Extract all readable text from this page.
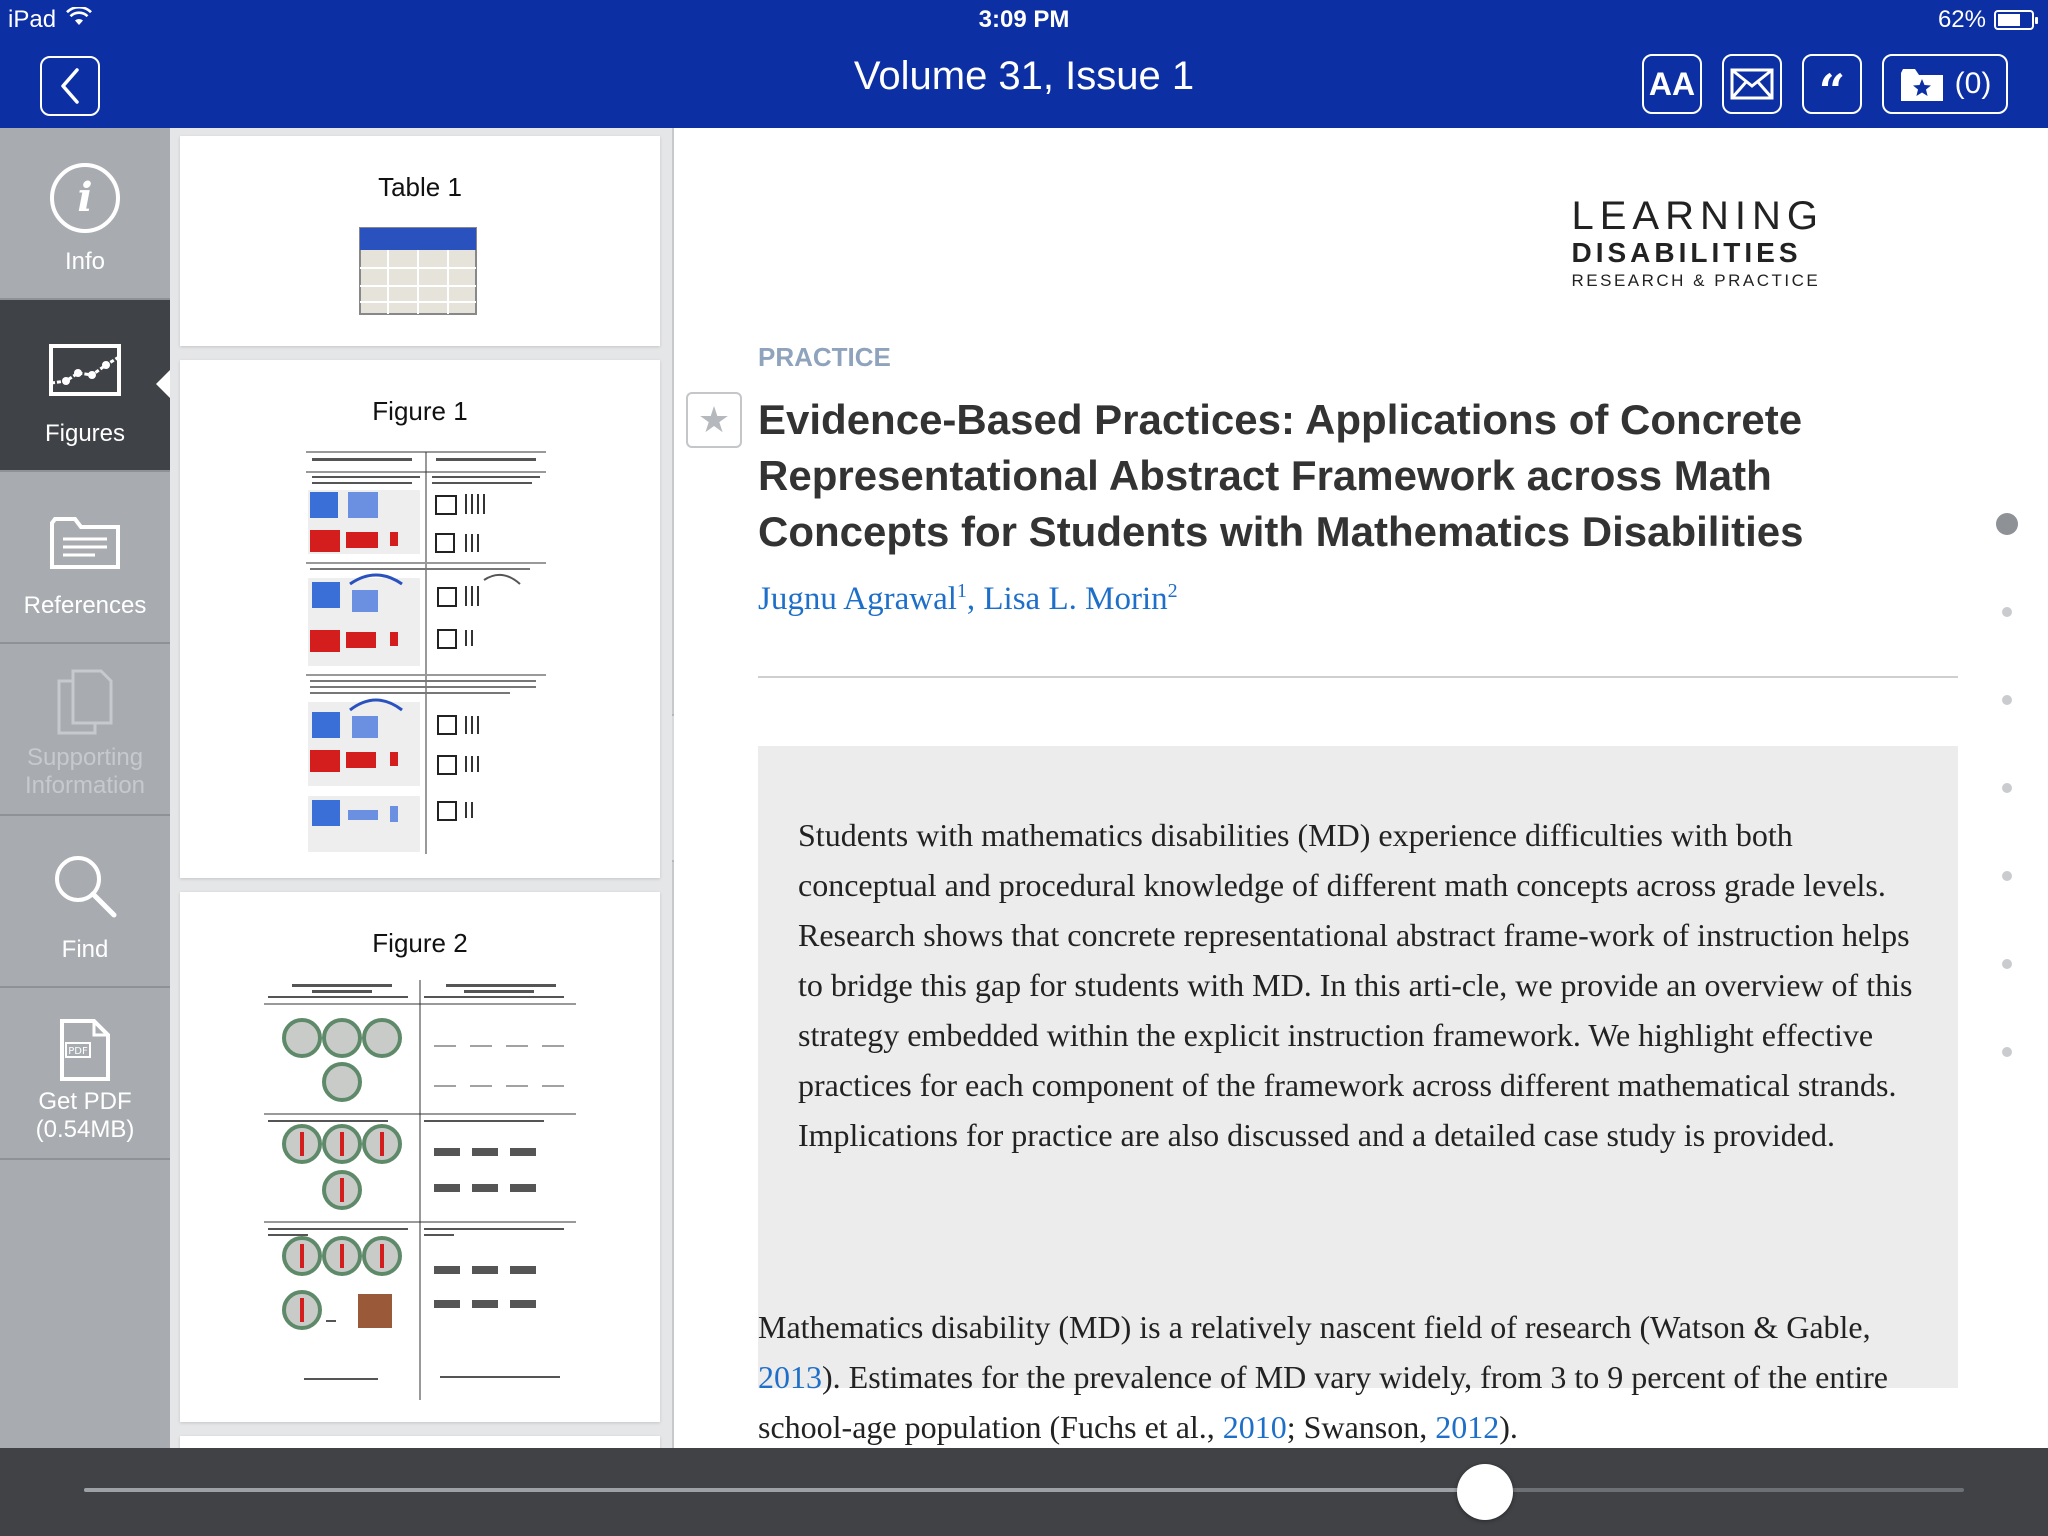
iPad	3:09 PM	62%
Volume 31, Issue 1	AA	“	(0)
i
Info
Figures
References
Supporting Information
Find
PDF
Get PDF (0.54MB)
Table 1
Figure 1
Figure 2
LEARNING
DISABILITIES
RESEARCH & PRACTICE
PRACTICE
★ Evidence-Based Practices: Applications of Concrete Representational Abstract Framework across Math Concepts for Students with Mathematics Disabilities
Jugnu Agrawal$^1$, Lisa L. Morin$^2$

Students with mathematics disabilities (MD) experience difficulties with both conceptual and procedural knowledge of different math concepts across grade levels. Research shows that concrete representational abstract frame-work of instruction helps to bridge this gap for students with MD. In this arti-cle, we provide an overview of this strategy embedded within the explicit instruction framework. We highlight effective practices for each component of the framework across different mathematical strands. Implications for practice are also discussed and a detailed case study is provided.

Mathematics disability (MD) is a relatively nascent field of research (Watson & Gable, 2013). Estimates for the prevalence of MD vary widely, from 3 to 9 percent of the entire school-age population (Fuchs et al., 2010; Swanson, 2012).
